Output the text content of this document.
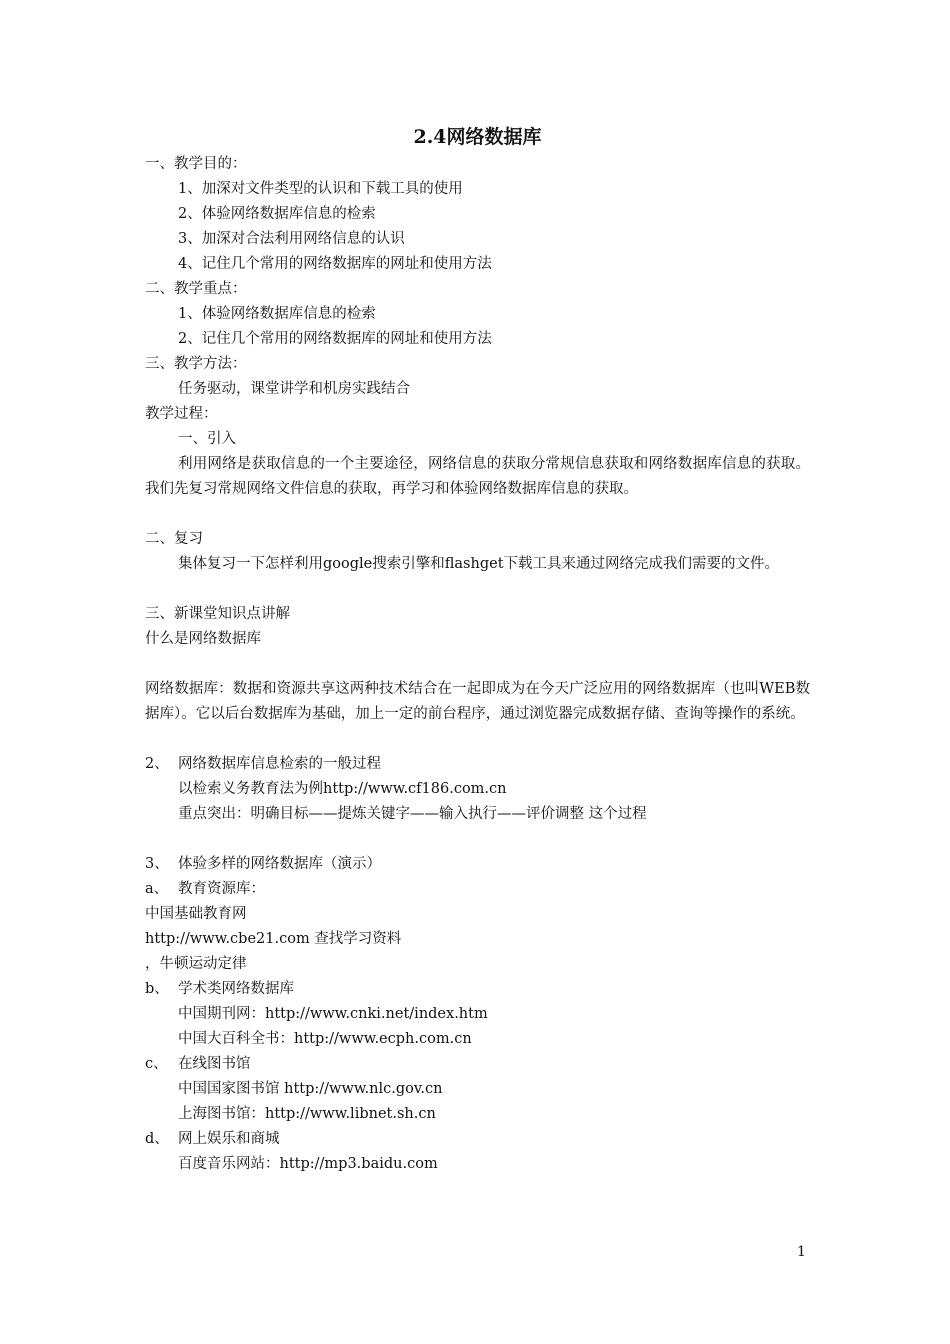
2.4网络数据库
一、教学目的：
1、加深对文件类型的认识和下载工具的使用
2、体验网络数据库信息的检索
3、加深对合法利用网络信息的认识
4、记住几个常用的网络数据库的网址和使用方法
二、教学重点：
1、体验网络数据库信息的检索
2、记住几个常用的网络数据库的网址和使用方法
三、教学方法：
任务驱动，课堂讲学和机房实践结合
教学过程：
一、引入
利用网络是获取信息的一个主要途径，网络信息的获取分常规信息获取和网络数据库信息的获取。我们先复习常规网络文件信息的获取，再学习和体验网络数据库信息的获取。
二、复习
集体复习一下怎样利用google搜索引擎和flashget下载工具来通过网络完成我们需要的文件。
三、新课堂知识点讲解
什么是网络数据库
网络数据库：数据和资源共享这两种技术结合在一起即成为在今天广泛应用的网络数据库（也叫WEB数据库）。它以后台数据库为基础，加上一定的前台程序，通过浏览器完成数据存储、查询等操作的系统。
2、 网络数据库信息检索的一般过程
以检索义务教育法为例http://www.cf186.com.cn
重点突出：明确目标——提炼关键字——输入执行——评价调整 这个过程
3、 体验多样的网络数据库（演示）
a、 教育资源库：
中国基础教育网
http://www.cbe21.com 查找学习资料
，牛顿运动定律
b、 学术类网络数据库
中国期刊网：http://www.cnki.net/index.htm
中国大百科全书：http://www.ecph.com.cn
c、 在线图书馆
中国国家图书馆 http://www.nlc.gov.cn
上海图书馆：http://www.libnet.sh.cn
d、 网上娱乐和商城
百度音乐网站：http://mp3.baidu.com
1
